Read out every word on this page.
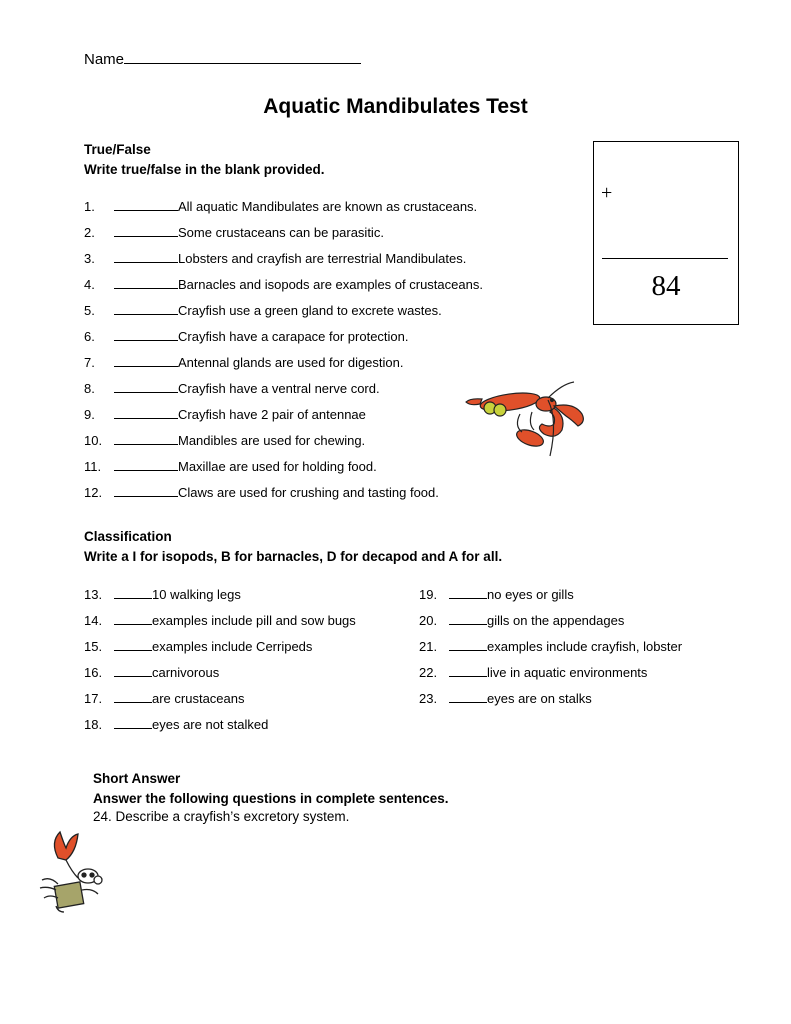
Name
Aquatic Mandibulates Test
+
84
True/False
Write true/false in the blank provided.
1.	All aquatic Mandibulates are known as crustaceans.
2.	Some crustaceans can be parasitic.
3.	Lobsters and crayfish are terrestrial Mandibulates.
4.	Barnacles and isopods are examples of crustaceans.
5.	Crayfish use a green gland to excrete wastes.
6.	Crayfish have a carapace for protection.
7.	Antennal glands are used for digestion.
8.	Crayfish have a ventral nerve cord.
9.	Crayfish have 2 pair of antennae
10.	Mandibles are used for chewing.
11.	Maxillae are used for holding food.
12.	Claws are used for crushing and tasting food.
Classification
Write a I for isopods, B for barnacles, D for decapod and A for all.
13.	10 walking legs
14.	examples include pill and sow bugs
15.	examples include Cerripeds
16.	carnivorous
17.	are crustaceans
18.	eyes are not stalked
19.	no eyes or gills
20.	gills on the appendages
21.	examples include crayfish, lobster
22.	live in aquatic environments
23.	eyes are on stalks
Short Answer
Answer the following questions in complete sentences.
24. Describe a crayfish’s excretory system.
